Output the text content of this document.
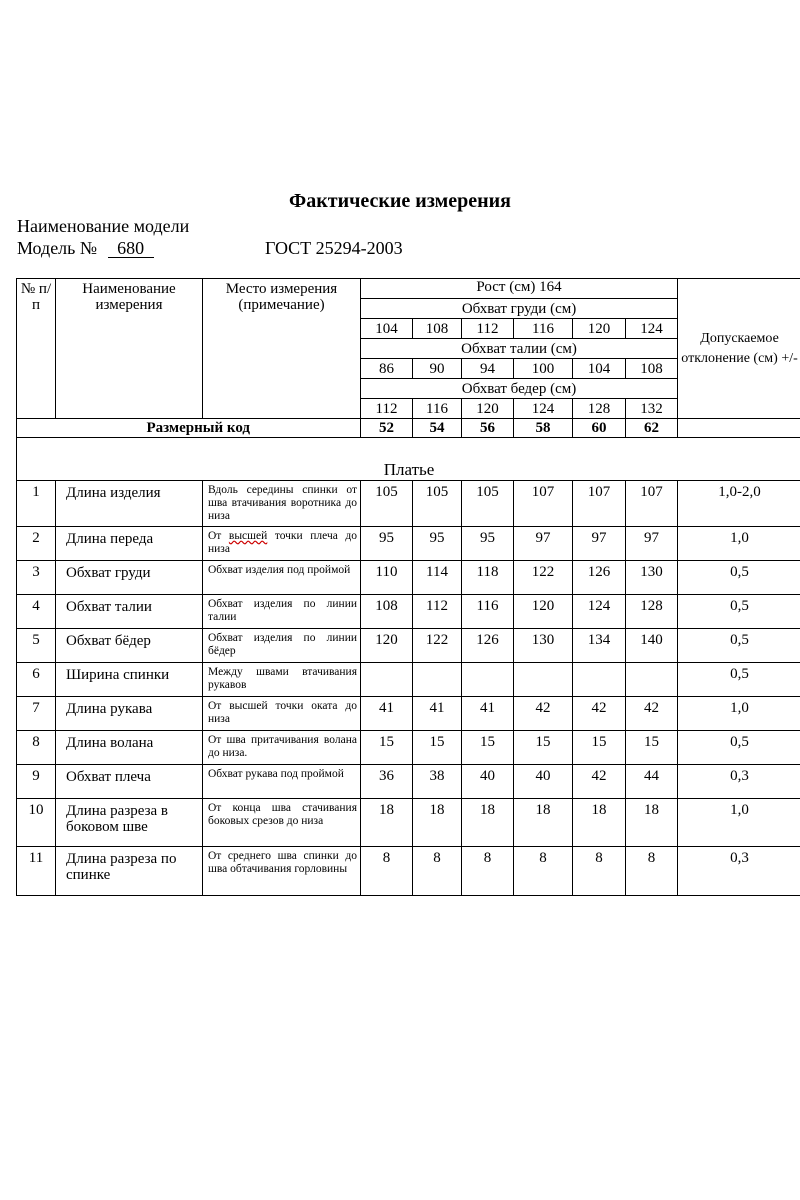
Фактические измерения
Наименование модели
Модель № 680	ГОСТ 25294-2003
№ п/п	Наименование измерения	Место измерения (примечание)	Рост (см) 164						Допускаемое отклонение (см) +/-
			Обхват груди (см)						
			104	108	112	116	120	124	
			Обхват талии (см)						
			86	90	94	100	104	108	
			Обхват бедер (см)						
			112	116	120	124	128	132	
Размерный код			52	54	56	58	60	62	
Платье									
1	Длина изделия	Вдоль середины спинки от шва втачивания воротника до низа	105	105	105	107	107	107	1,0-2,0
2	Длина переда	От высшей точки плеча до низа	95	95	95	97	97	97	1,0
3	Обхват груди	Обхват изделия под проймой	110	114	118	122	126	130	0,5
4	Обхват талии	Обхват изделия по линии талии	108	112	116	120	124	128	0,5
5	Обхват бёдер	Обхват изделия по линии бёдер	120	122	126	130	134	140	0,5
6	Ширина спинки	Между швами втачивания рукавов							0,5
7	Длина рукава	От высшей точки оката до низа	41	41	41	42	42	42	1,0
8	Длина волана	От шва притачивания волана до низа.	15	15	15	15	15	15	0,5
9	Обхват плеча	Обхват рукава под проймой	36	38	40	40	42	44	0,3
10	Длина разреза в боковом шве	От конца шва стачивания боковых срезов до низа	18	18	18	18	18	18	1,0
11	Длина разреза по спинке	От среднего шва спинки до шва обтачивания горловины	8	8	8	8	8	8	0,3
